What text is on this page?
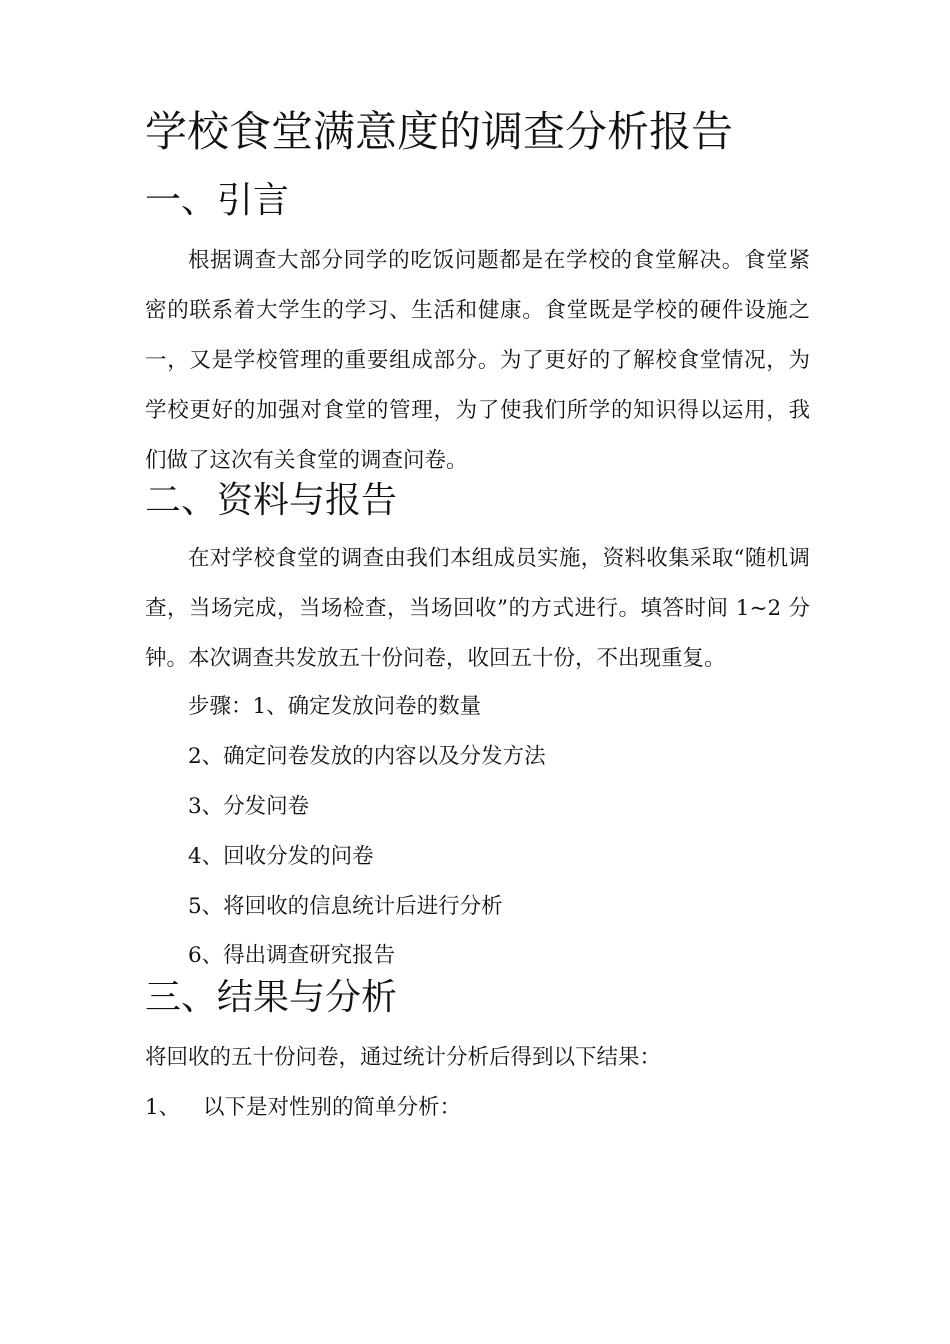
学校食堂满意度的调查分析报告
一、引言

根据调查大部分同学的吃饭问题都是在学校的食堂解决。食堂紧密的联系着大学生的学习、生活和健康。食堂既是学校的硬件设施之一，又是学校管理的重要组成部分。为了更好的了解校食堂情况，为学校更好的加强对食堂的管理，为了使我们所学的知识得以运用，我们做了这次有关食堂的调查问卷。

二、资料与报告

在对学校食堂的调查由我们本组成员实施，资料收集采取“随机调查，当场完成，当场检查，当场回收”的方式进行。填答时间 1~2 分钟。本次调查共发放五十份问卷，收回五十份，不出现重复。

步骤：1、确定发放问卷的数量

2、确定问卷发放的内容以及分发方法

3、分发问卷

4、回收分发的问卷

5、将回收的信息统计后进行分析

6、得出调查研究报告

三、结果与分析

将回收的五十份问卷，通过统计分析后得到以下结果：

1、 以下是对性别的简单分析：
